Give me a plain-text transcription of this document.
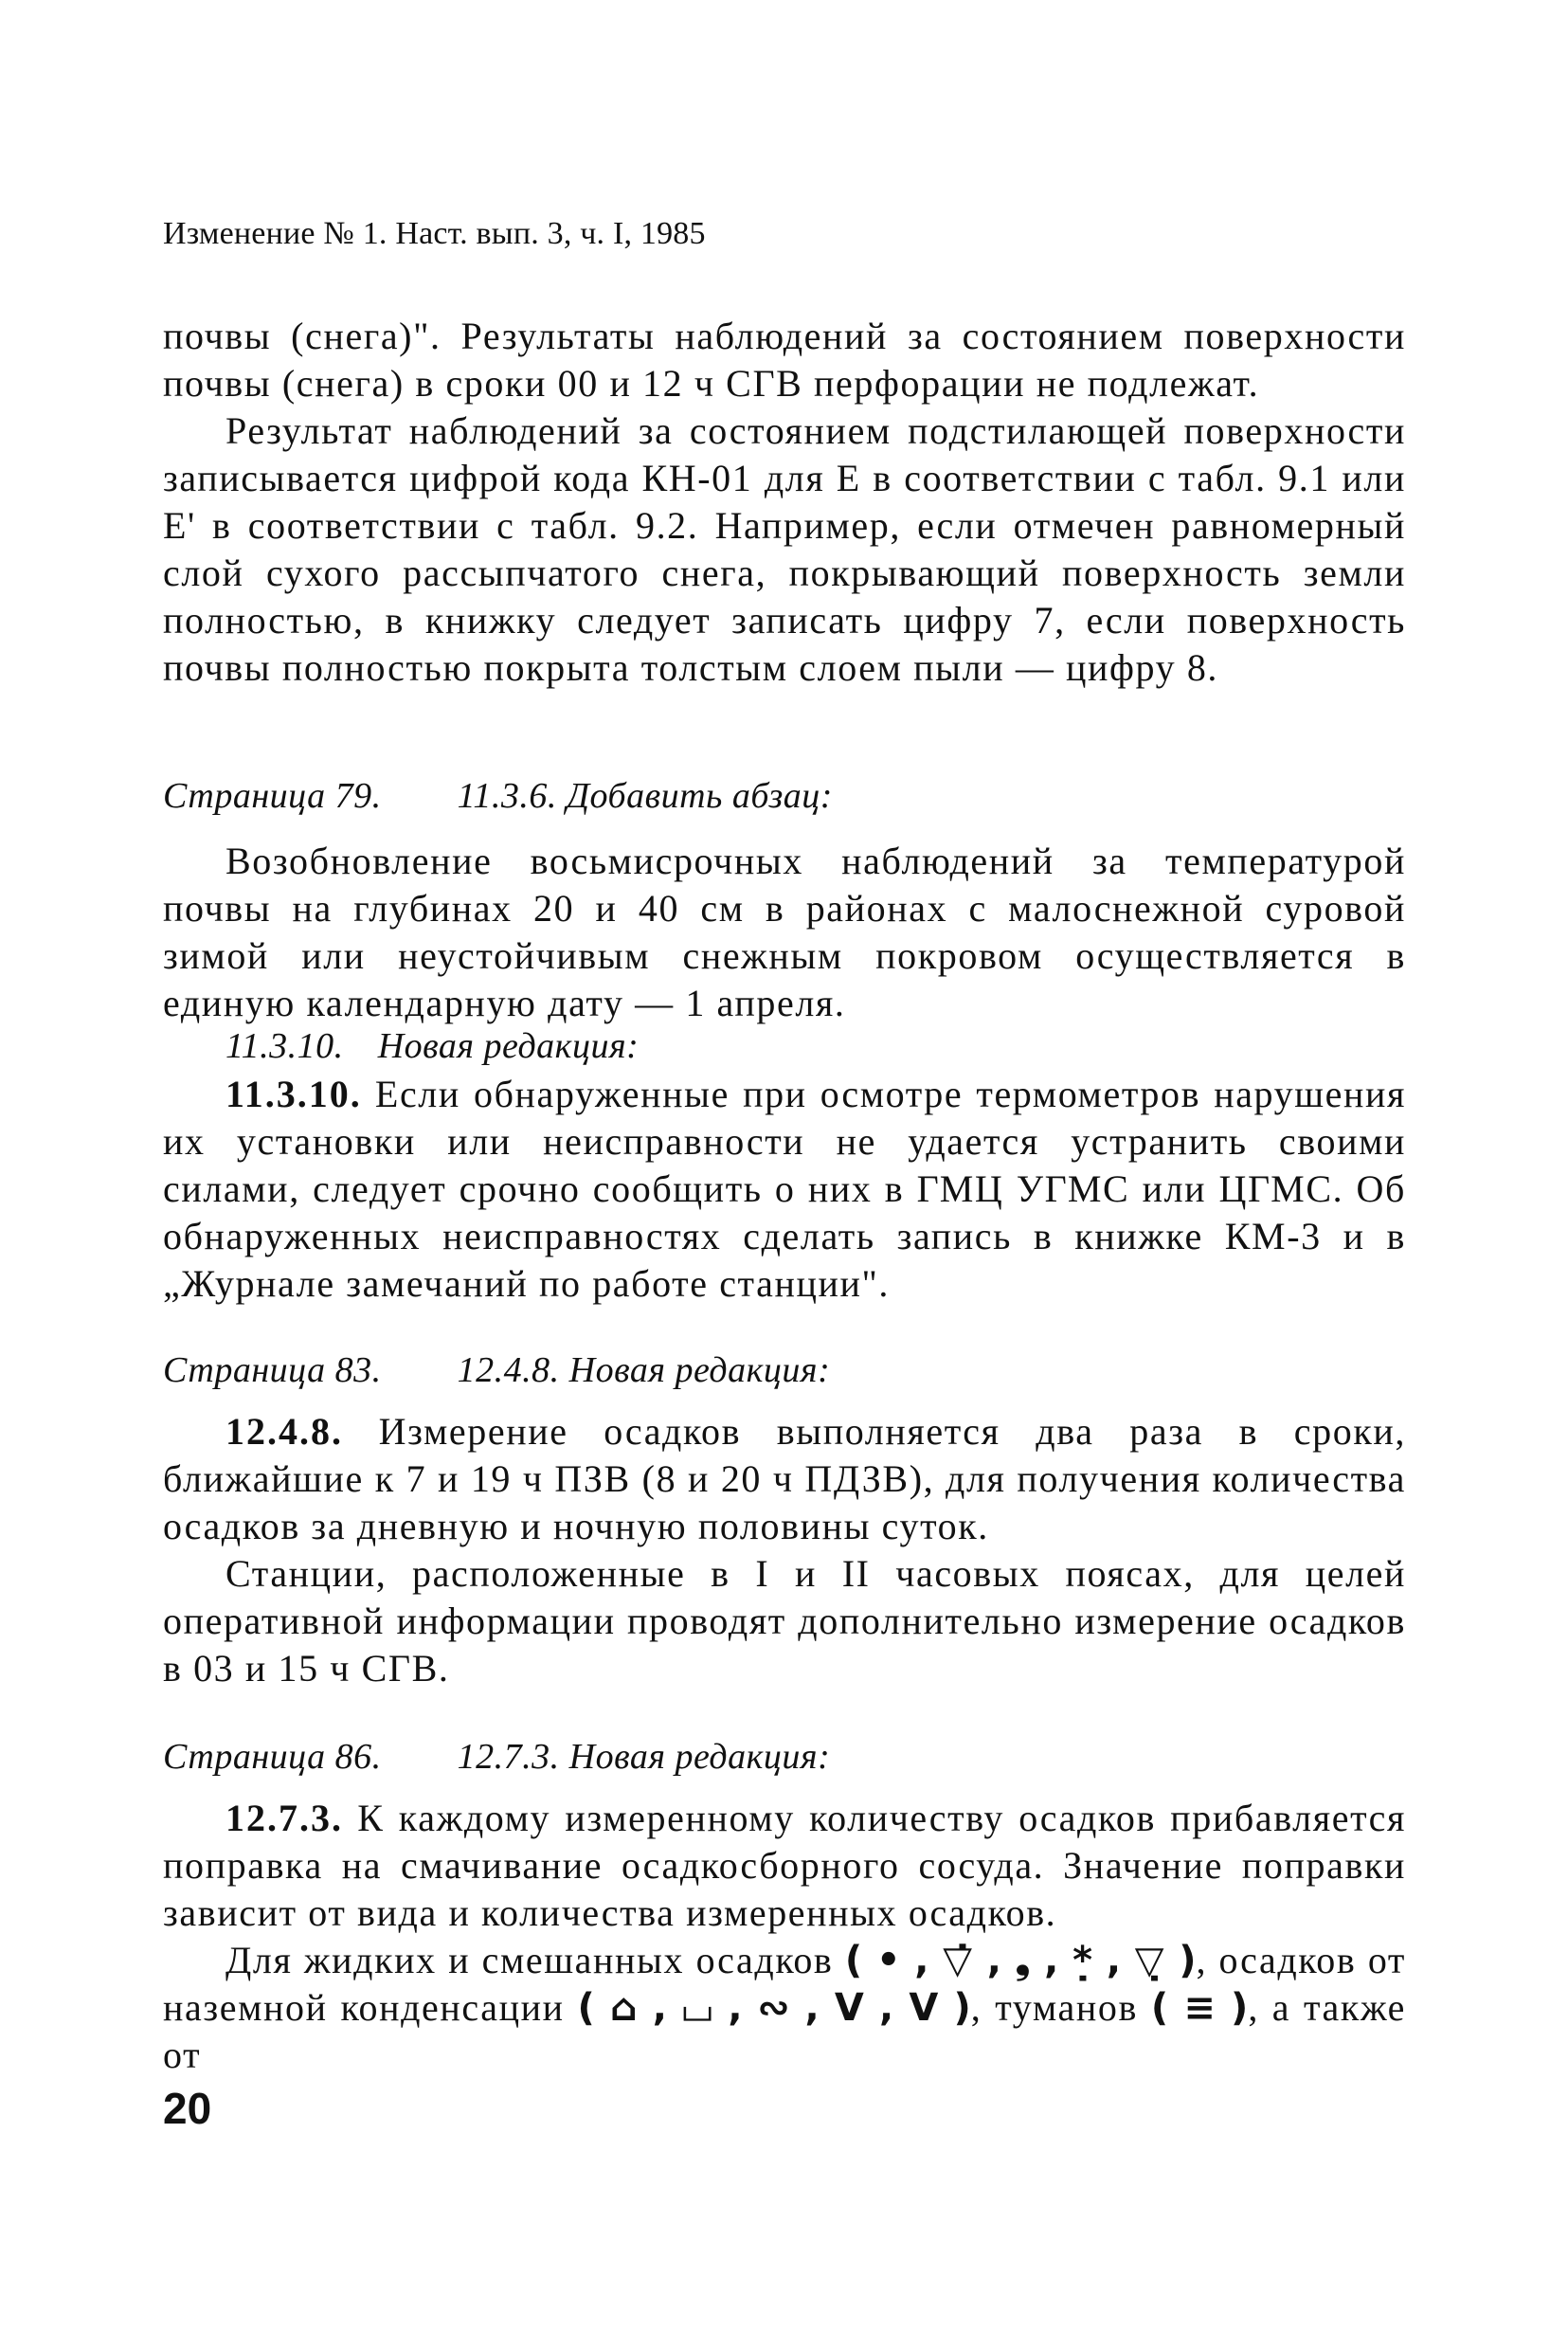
Изменение № 1. Наст. вып. 3, ч. I, 1985

почвы (снега)". Результаты наблюдений за состоянием поверхности почвы (снега) в сроки 00 и 12 ч СГВ перфорации не подлежат.

Результат наблюдений за состоянием подстилающей поверхности записывается цифрой кода КН-01 для E в соответствии с табл. 9.1 или E' в соответствии с табл. 9.2. Например, если отмечен равномерный слой сухого рассыпчатого снега, покрывающий поверхность земли полностью, в книжку следует записать цифру 7, если поверхность почвы полностью покрыта толстым слоем пыли — цифру 8.

Страница 79. 11.3.6. Добавить абзац:

Возобновление восьмисрочных наблюдений за температурой почвы на глубинах 20 и 40 см в районах с малоснежной суровой зимой или неустойчивым снежным покровом осуществляется в единую календарную дату — 1 апреля.

11.3.10. Новая редакция:

11.3.10. Если обнаруженные при осмотре термометров нарушения их установки или неисправности не удается устранить своими силами, следует срочно сообщить о них в ГМЦ УГМС или ЦГМС. Об обнаруженных неисправностях сделать запись в книжке КМ-3 и в „Журнале замечаний по работе станции".

Страница 83. 12.4.8. Новая редакция:

12.4.8. Измерение осадков выполняется два раза в сроки, ближайшие к 7 и 19 ч ПЗВ (8 и 20 ч ПДЗВ), для получения количества осадков за дневную и ночную половины суток.

Станции, расположенные в I и II часовых поясах, для целей оперативной информации проводят дополнительно измерение осадков в 03 и 15 ч СГВ.

Страница 86. 12.7.3. Новая редакция:

12.7.3. К каждому измеренному количеству осадков прибавляется поправка на смачивание осадкосборного сосуда. Значение поправки зависит от вида и количества измеренных осадков.

Для жидких и смешанных осадков ( • , ▽̇ , ❟ , *̣ , ▽̣ ), осадков от наземной конденсации ( ⌂ , ⌴ , ∾ , V , V ), туманов ( ≡ ), а также от

20
